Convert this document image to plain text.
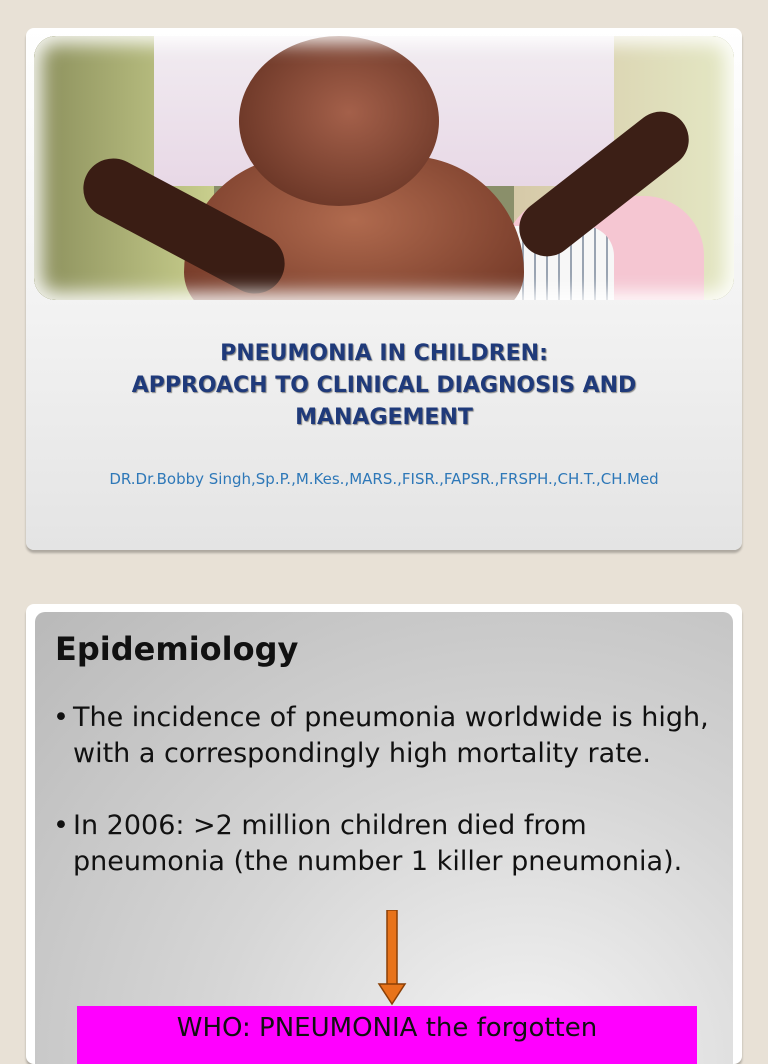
PNEUMONIA IN CHILDREN:
APPROACH TO CLINICAL DIAGNOSIS AND
MANAGEMENT
DR.Dr.Bobby Singh,Sp.P.,M.Kes.,MARS.,FISR.,FAPSR.,FRSPH.,CH.T.,CH.Med
Epidemiology
• The incidence of pneumonia worldwide is high, with a correspondingly high mortality rate.
• In 2006: >2 million children died from pneumonia (the number 1 killer pneumonia).
WHO: PNEUMONIA the forgotten
